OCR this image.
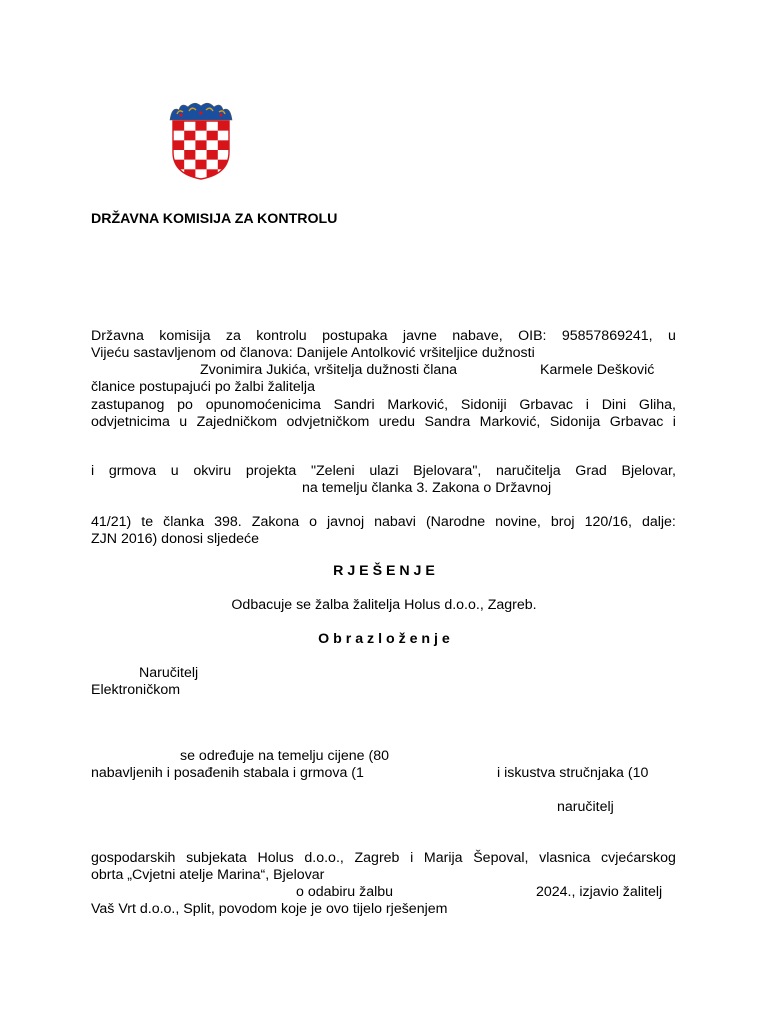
DRŽAVNA KOMISIJA ZA KONTROLU
Državna komisija za kontrolu postupaka javne nabave, OIB: 95857869241, u
Vijeću sastavljenom od članova: Danijele Antolković vršiteljice dužnosti
Zvonimira Jukića, vršitelja dužnosti člana	Karmele Dešković
članice postupajući po žalbi žalitelja
zastupanog po opunomoćenicima Sandri Marković, Sidoniji Grbavac i Dini Gliha,
odvjetnicima u Zajedničkom odvjetničkom uredu Sandra Marković, Sidonija Grbavac i
i grmova u okviru projekta "Zeleni ulazi Bjelovara", naručitelja Grad Bjelovar,
na temelju članka 3. Zakona o Državnoj
41/21) te članka 398. Zakona o javnoj nabavi (Narodne novine, broj 120/16, dalje:
ZJN 2016) donosi sljedeće
R J E Š E N J E
Odbacuje se žalba žalitelja Holus d.o.o., Zagreb.
O b r a z l o ž e n j e
Naručitelj
Elektroničkom
se određuje na temelju cijene (80
nabavljenih i posađenih stabala i grmova (1	i iskustva stručnjaka (10
naručitelj
gospodarskih subjekata Holus d.o.o., Zagreb i Marija Šepoval, vlasnica cvjećarskog
obrta „Cvjetni atelje Marina“, Bjelovar
o odabiru žalbu	2024., izjavio žalitelj
Vaš Vrt d.o.o., Split, povodom koje je ovo tijelo rješenjem
